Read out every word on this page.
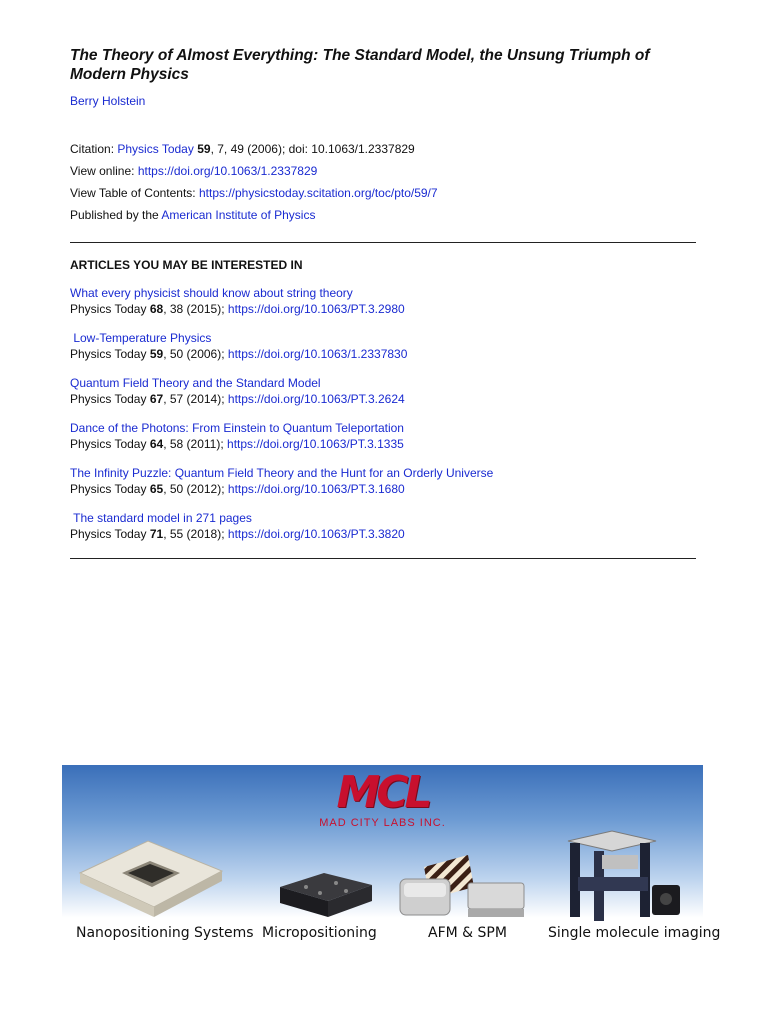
The Theory of Almost Everything: The Standard Model, the Unsung Triumph of Modern Physics
Berry Holstein
Citation: Physics Today 59, 7, 49 (2006); doi: 10.1063/1.2337829
View online: https://doi.org/10.1063/1.2337829
View Table of Contents: https://physicstoday.scitation.org/toc/pto/59/7
Published by the American Institute of Physics
ARTICLES YOU MAY BE INTERESTED IN
What every physicist should know about string theory
Physics Today 68, 38 (2015); https://doi.org/10.1063/PT.3.2980
Low-Temperature Physics
Physics Today 59, 50 (2006); https://doi.org/10.1063/1.2337830
Quantum Field Theory and the Standard Model
Physics Today 67, 57 (2014); https://doi.org/10.1063/PT.3.2624
Dance of the Photons: From Einstein to Quantum Teleportation
Physics Today 64, 58 (2011); https://doi.org/10.1063/PT.3.1335
The Infinity Puzzle: Quantum Field Theory and the Hunt for an Orderly Universe
Physics Today 65, 50 (2012); https://doi.org/10.1063/PT.3.1680
The standard model in 271 pages
Physics Today 71, 55 (2018); https://doi.org/10.1063/PT.3.3820
MCL
MAD CITY LABS INC.
Nanopositioning Systems Micropositioning	AFM & SPM	Single molecule imaging
